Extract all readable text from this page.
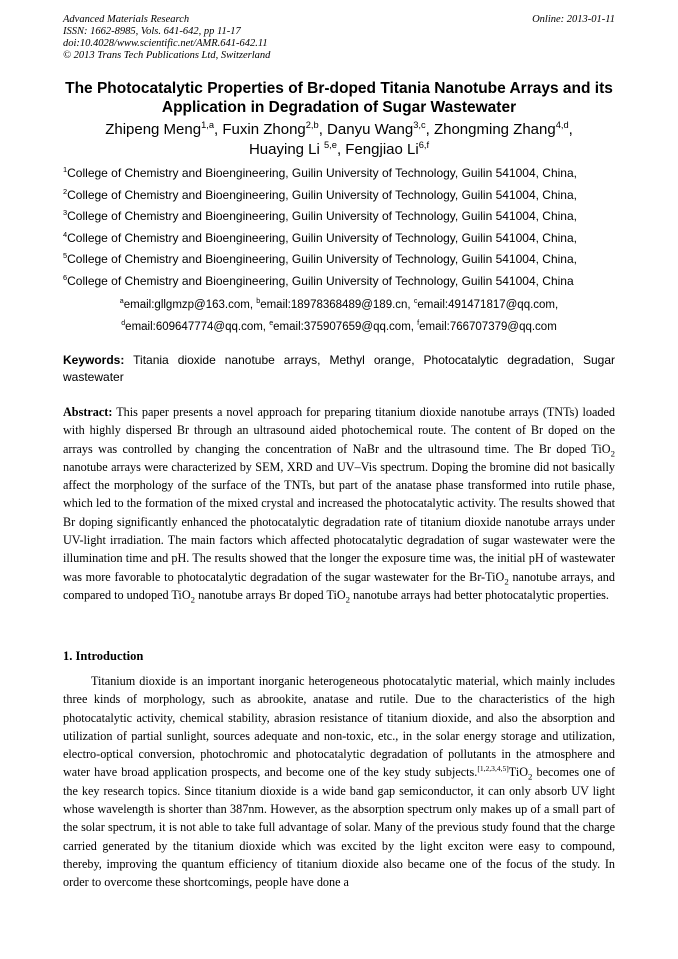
Advanced Materials Research
ISSN: 1662-8985, Vols. 641-642, pp 11-17
doi:10.4028/www.scientific.net/AMR.641-642.11
© 2013 Trans Tech Publications Ltd, Switzerland
Online: 2013-01-11
The Photocatalytic Properties of Br-doped Titania Nanotube Arrays and its Application in Degradation of Sugar Wastewater
Zhipeng Meng$^{1,a}$, Fuxin Zhong$^{2,b}$, Danyu Wang$^{3,c}$, Zhongming Zhang$^{4,d}$,
Huaying Li $^{5,e}$, Fengjiao Li$^{6,f}$
$^1$College of Chemistry and Bioengineering, Guilin University of Technology, Guilin 541004, China,
$^2$College of Chemistry and Bioengineering, Guilin University of Technology, Guilin 541004, China,
$^3$College of Chemistry and Bioengineering, Guilin University of Technology, Guilin 541004, China,
$^4$College of Chemistry and Bioengineering, Guilin University of Technology, Guilin 541004, China,
$^5$College of Chemistry and Bioengineering, Guilin University of Technology, Guilin 541004, China,
$^6$College of Chemistry and Bioengineering, Guilin University of Technology, Guilin 541004, China
$^a$email:gllgmzp@163.com, $^b$email:18978368489@189.cn, $^c$email:491471817@qq.com,
$^d$email:609647774@qq.com, $^e$email:375907659@qq.com, $^f$email:766707379@qq.com
Keywords: Titania dioxide nanotube arrays, Methyl orange, Photocatalytic degradation, Sugar wastewater
Abstract: This paper presents a novel approach for preparing titanium dioxide nanotube arrays (TNTs) loaded with highly dispersed Br through an ultrasound aided photochemical route. The content of Br doped on the arrays was controlled by changing the concentration of NaBr and the ultrasound time. The Br doped TiO$_2$ nanotube arrays were characterized by SEM, XRD and UV–Vis spectrum. Doping the bromine did not basically affect the morphology of the surface of the TNTs, but part of the anatase phase transformed into rutile phase, which led to the formation of the mixed crystal and increased the photocatalytic activity. The results showed that Br doping significantly enhanced the photocatalytic degradation rate of titanium dioxide nanotube arrays under UV-light irradiation. The main factors which affected photocatalytic degradation of sugar wastewater were the illumination time and pH. The results showed that the longer the exposure time was, the initial pH of wastewater was more favorable to photocatalytic degradation of the sugar wastewater for the Br-TiO$_2$ nanotube arrays, and compared to undoped TiO$_2$ nanotube arrays Br doped TiO$_2$ nanotube arrays had better photocatalytic properties.
1. Introduction
Titanium dioxide is an important inorganic heterogeneous photocatalytic material, which mainly includes three kinds of morphology, such as abrookite, anatase and rutile. Due to the characteristics of the high photocatalytic activity, chemical stability, abrasion resistance of titanium dioxide, and also the absorption and utilization of partial sunlight, sources adequate and non-toxic, etc., in the solar energy storage and utilization, electro-optical conversion, photochromic and photocatalytic degradation of pollutants in the atmosphere and water have broad application prospects, and become one of the key study subjects.[1,2,3,4,5]TiO$_2$ becomes one of the key research topics. Since titanium dioxide is a wide band gap semiconductor, it can only absorb UV light whose wavelength is shorter than 387nm. However, as the absorption spectrum only makes up of a small part of the solar spectrum, it is not able to take full advantage of solar. Many of the previous study found that the charge carried generated by the titanium dioxide which was excited by the light exciton were easy to compound, thereby, improving the quantum efficiency of titanium dioxide also became one of the focus of the study. In order to overcome these shortcomings, people have done a
